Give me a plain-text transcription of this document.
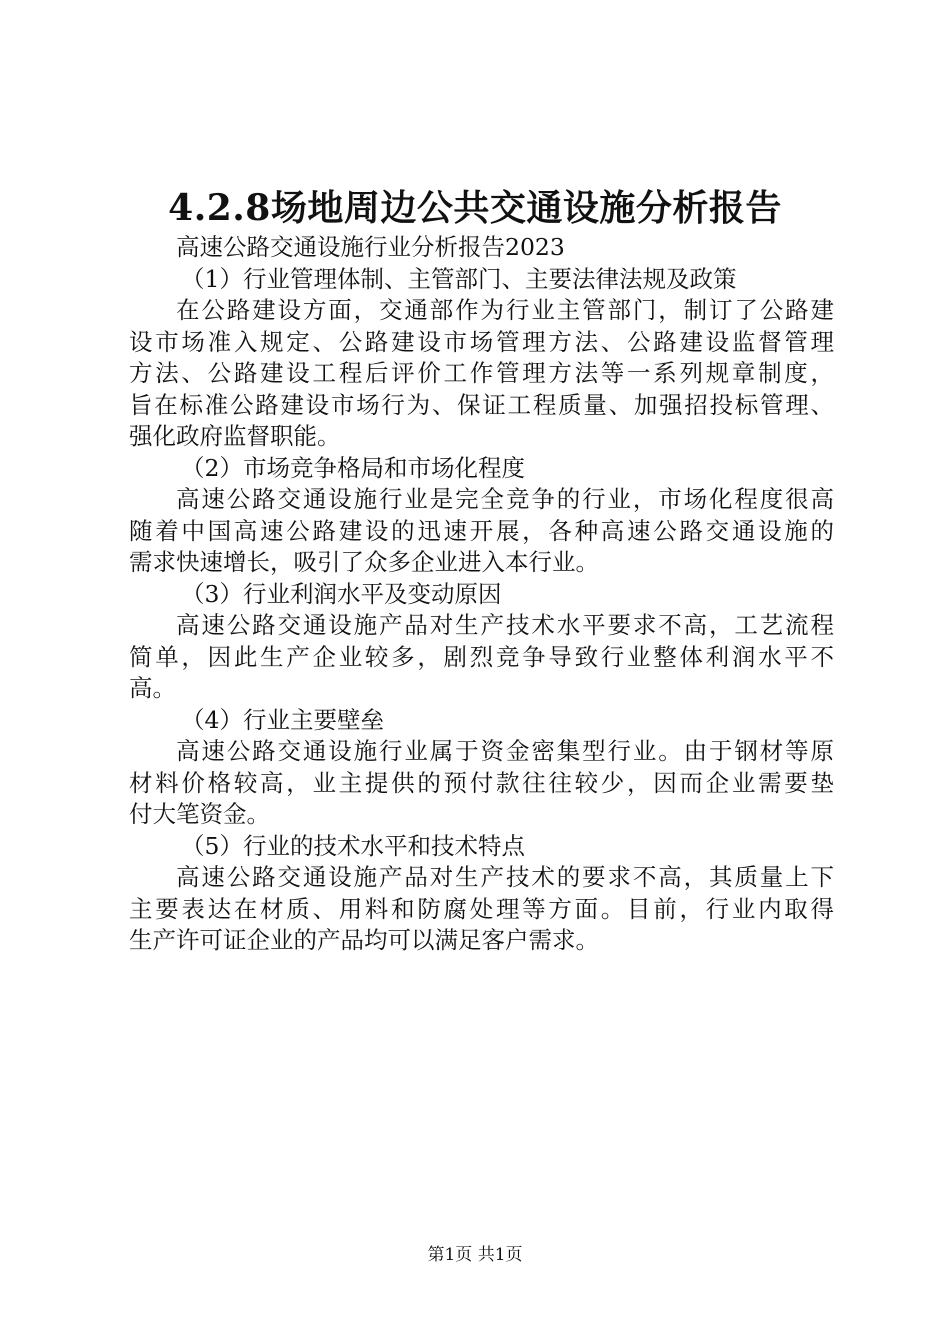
4.2.8场地周边公共交通设施分析报告

高速公路交通设施行业分析报告2023

（1）行业管理体制、主管部门、主要法律法规及政策

在公路建设方面，交通部作为行业主管部门，制订了公路建

设市场准入规定、公路建设市场管理方法、公路建设监督管理

方法、公路建设工程后评价工作管理方法等一系列规章制度，

旨在标准公路建设市场行为、保证工程质量、加强招投标管理、

强化政府监督职能。

（2）市场竞争格局和市场化程度

高速公路交通设施行业是完全竞争的行业，市场化程度很高

随着中国高速公路建设的迅速开展，各种高速公路交通设施的

需求快速增长，吸引了众多企业进入本行业。

（3）行业利润水平及变动原因

高速公路交通设施产品对生产技术水平要求不高，工艺流程

简单，因此生产企业较多，剧烈竞争导致行业整体利润水平不

高。

（4）行业主要壁垒

高速公路交通设施行业属于资金密集型行业。由于钢材等原

材料价格较高，业主提供的预付款往往较少，因而企业需要垫

付大笔资金。

（5）行业的技术水平和技术特点

高速公路交通设施产品对生产技术的要求不高，其质量上下

主要表达在材质、用料和防腐处理等方面。目前，行业内取得

生产许可证企业的产品均可以满足客户需求。

第1页 共1页
